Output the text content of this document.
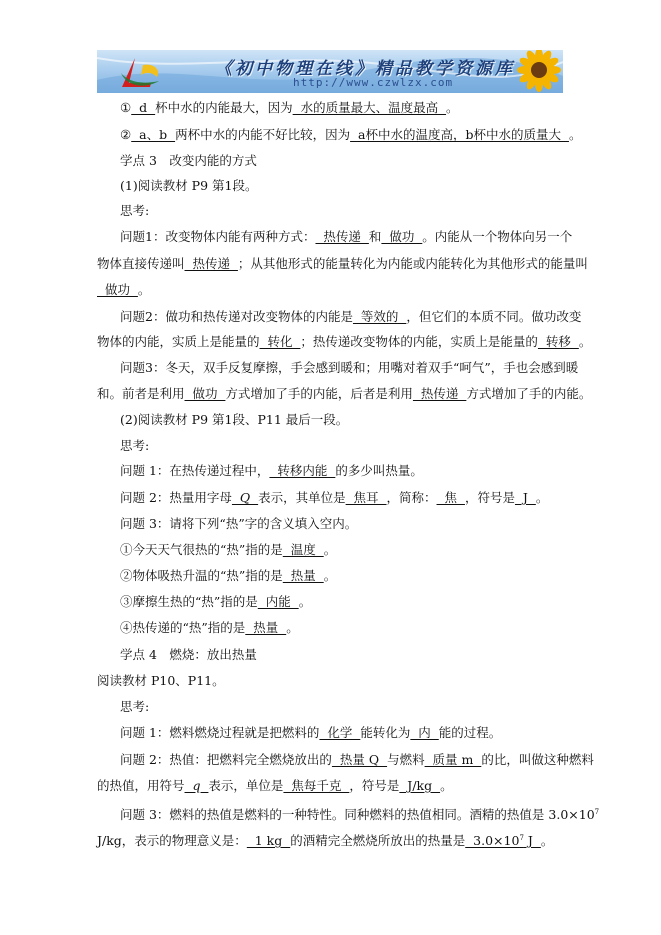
《初中物理在线》精品教学资源库
http://www.czwlzx.com
①  d  杯中水的内能最大，因为  水的质量最大、温度最高  。
②  a、b  两杯中水的内能不好比较，因为  a杯中水的温度高，b杯中水的质量大  。
学点 3　改变内能的方式
(1)阅读教材 P9 第1段。
思考:
问题1：改变物体内能有两种方式：  热传递  和  做功  。内能从一个物体向另一个
物体直接传递叫  热传递  ；从其他形式的能量转化为内能或内能转化为其他形式的能量叫
做功  。
问题2：做功和热传递对改变物体的内能是  等效的  ，但它们的本质不同。做功改变
物体的内能，实质上是能量的  转化  ；热传递改变物体的内能，实质上是能量的  转移  。
问题3：冬天，双手反复摩擦，手会感到暖和；用嘴对着双手“呵气”，手也会感到暖
和。前者是利用  做功  方式增加了手的内能，后者是利用  热传递  方式增加了手的内能。
(2)阅读教材 P9 第1段、P11 最后一段。
思考:
问题 1：在热传递过程中，  转移内能  的多少叫热量。
问题 2：热量用字母  Q  表示，其单位是  焦耳  ，简称：  焦  ，符号是  J  。
问题 3：请将下列“热”字的含义填入空内。
①今天天气很热的“热”指的是  温度  。
②物体吸热升温的“热”指的是  热量  。
③摩擦生热的“热”指的是  内能  。
④热传递的“热”指的是  热量  。
学点 4　燃烧：放出热量
阅读教材 P10、P11。
思考:
问题 1：燃料燃烧过程就是把燃料的  化学  能转化为  内  能的过程。
问题 2：热值：把燃料完全燃烧放出的  热量 Q  与燃料  质量 m  的比，叫做这种燃料
的热值，用符号  q  表示，单位是  焦每千克  ，符号是  J/kg  。
问题 3：燃料的热值是燃料的一种特性。同种燃料的热值相同。酒精的热值是 $3.0\times 10^7$
J/kg，表示的物理意义是：  1 kg  的酒精完全燃烧所放出的热量是  $3.0\times 10^7$ J  。
